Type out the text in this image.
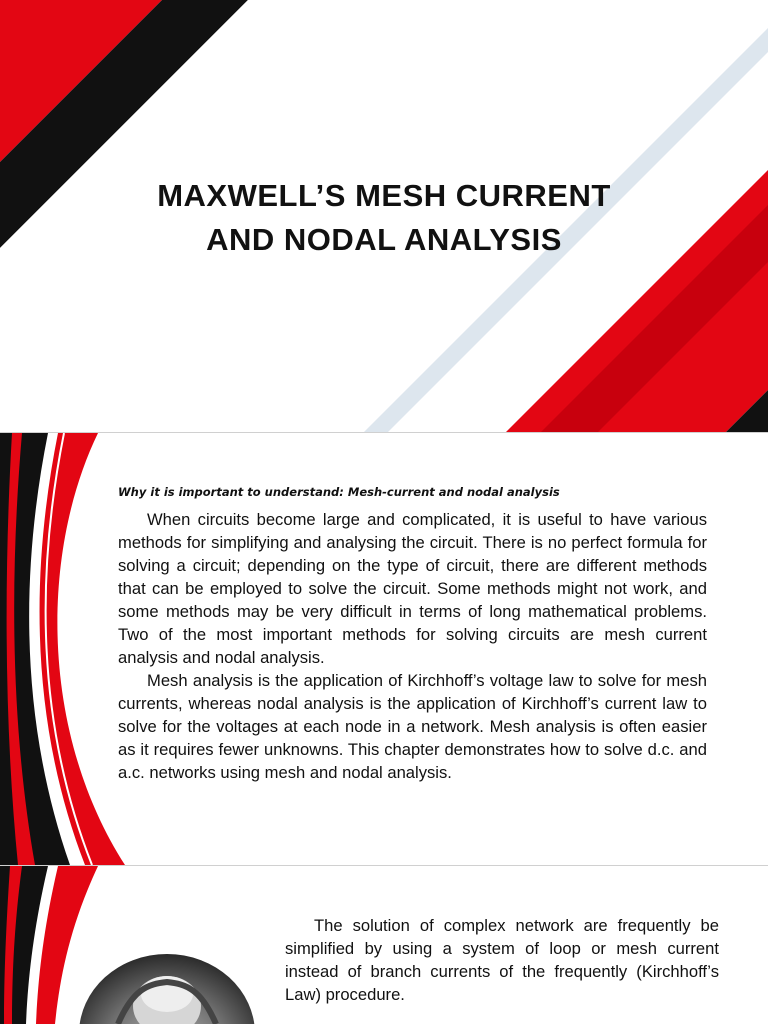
MAXWELL’S MESH CURRENT
AND NODAL ANALYSIS
Why it is important to understand: Mesh-current and nodal analysis

When circuits become large and complicated, it is useful to have various methods for simplifying and analysing the circuit. There is no perfect formula for solving a circuit; depending on the type of circuit, there are different methods that can be employed to solve the circuit. Some methods might not work, and some methods may be very difficult in terms of long mathematical problems. Two of the most important methods for solving circuits are mesh current analysis and nodal analysis.

Mesh analysis is the application of Kirchhoff’s voltage law to solve for mesh currents, whereas nodal analysis is the application of Kirchhoff’s current law to solve for the voltages at each node in a network. Mesh analysis is often easier as it requires fewer unknowns. This chapter demonstrates how to solve d.c. and a.c. networks using mesh and nodal analysis.

The solution of complex network are frequently be simplified by using a system of loop or mesh current instead of branch currents of the frequently (Kirchhoff’s Law) procedure.
